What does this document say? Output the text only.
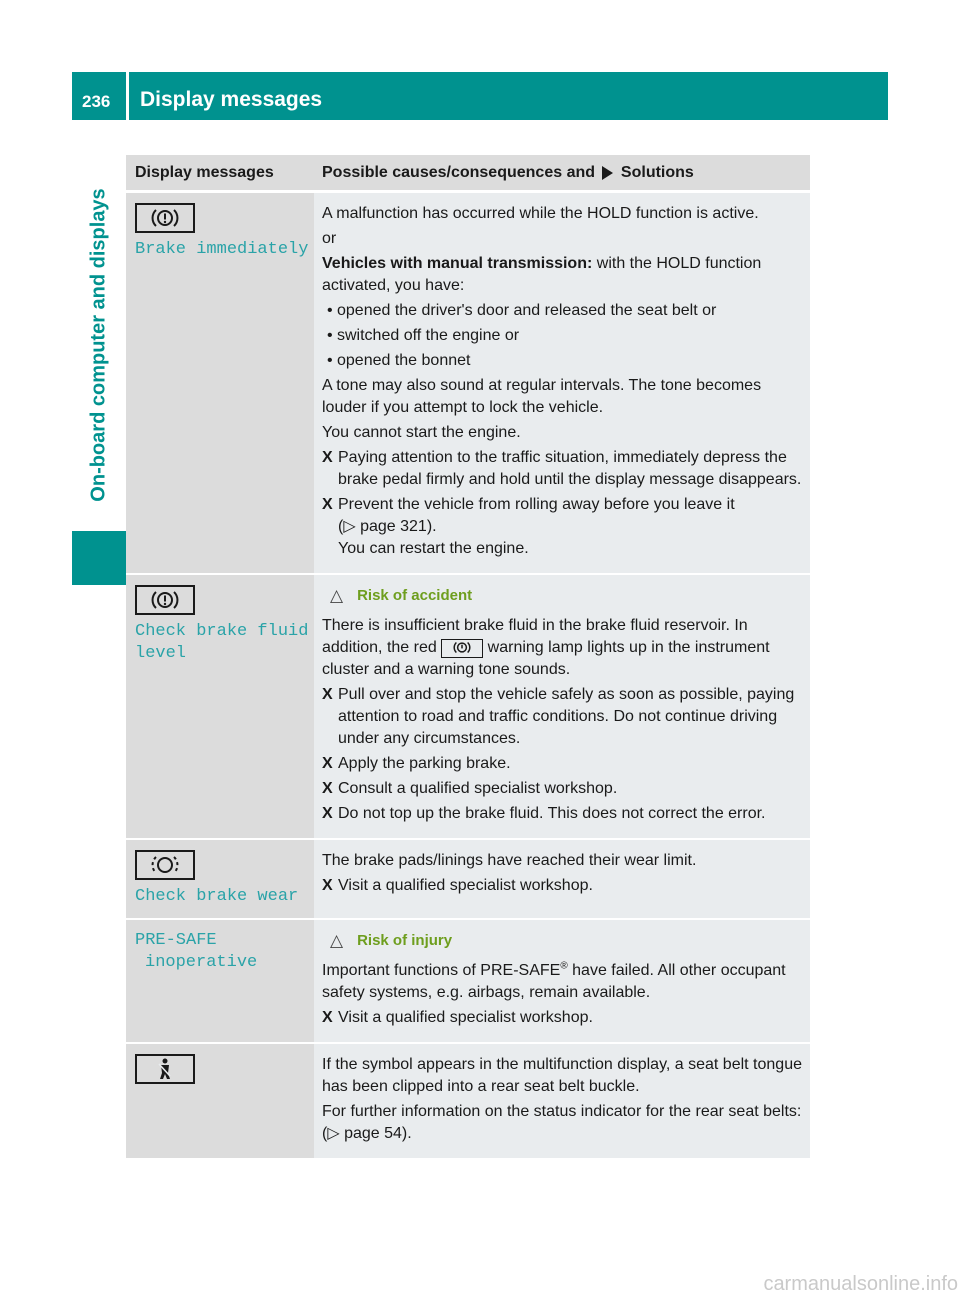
236 Display messages
On-board computer and displays
Display messages	Possible causes/consequences and Solutions
Brake immediately

A malfunction has occurred while the HOLD function is active.

or

Vehicles with manual transmission: with the HOLD function activated, you have:

• opened the driver's door and released the seat belt or
• switched off the engine or
• opened the bonnet

A tone may also sound at regular intervals. The tone becomes louder if you attempt to lock the vehicle.

You cannot start the engine.

X Paying attention to the traffic situation, immediately depress the brake pedal firmly and hold until the display message disappears.
X Prevent the vehicle from rolling away before you leave it
(▷ page 321).
You can restart the engine.
Check brake fluid
level
△ Risk of accident

There is insufficient brake fluid in the brake fluid reservoir. In addition, the red	warning lamp lights up in the instrument cluster and a warning tone sounds.

X Pull over and stop the vehicle safely as soon as possible, paying attention to road and traffic conditions. Do not continue driving under any circumstances.
X Apply the parking brake.
X Consult a qualified specialist workshop.
X Do not top up the brake fluid. This does not correct the error.
Check brake wear

The brake pads/linings have reached their wear limit.

X Visit a qualified specialist workshop.
PRE-SAFE
inoperative
△ Risk of injury

Important functions of PRE-SAFE® have failed. All other occupant safety systems, e.g. airbags, remain available.

X Visit a qualified specialist workshop.

If the symbol appears in the multifunction display, a seat belt tongue has been clipped into a rear seat belt buckle.

For further information on the status indicator for the rear seat belts: (▷ page 54).

carmanualsonline.info
